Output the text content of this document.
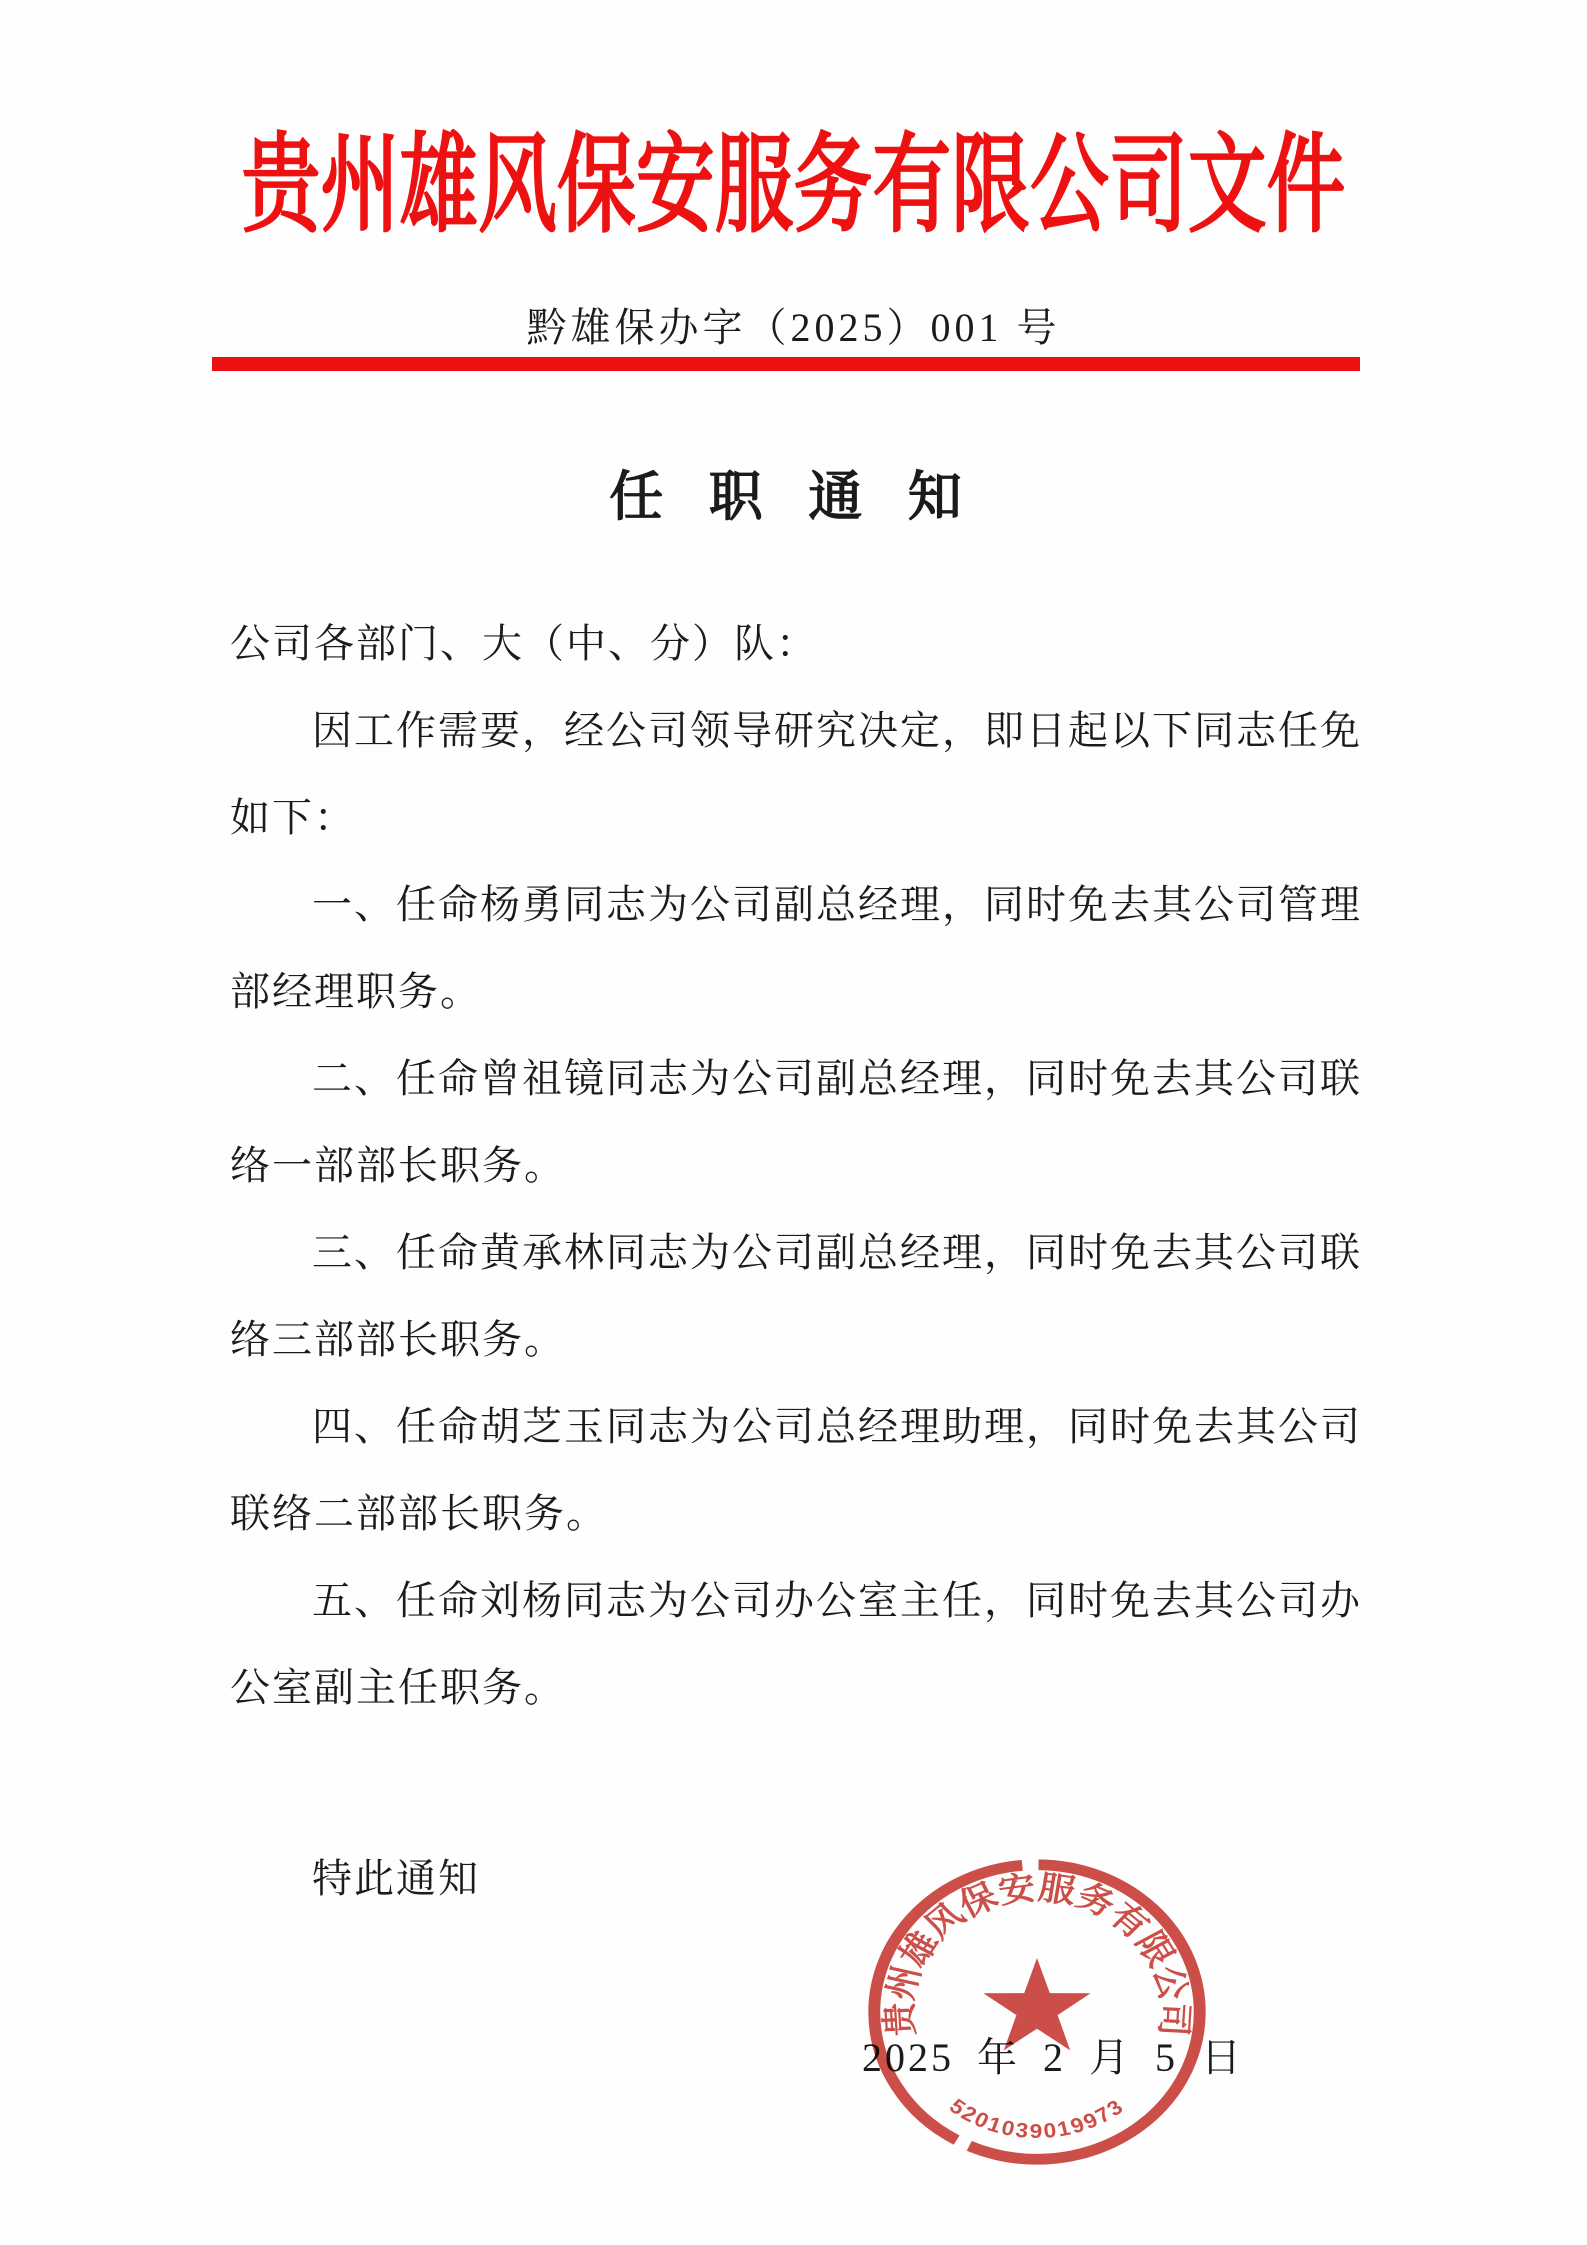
贵州雄风保安服务有限公司文件
黔雄保办字（2025）001 号
任 职 通 知
公司各部门、大（中、分）队：
因工作需要，经公司领导研究决定，即日起以下同志任免
如下：
一、任命杨勇同志为公司副总经理，同时免去其公司管理
部经理职务。
二、任命曾祖镜同志为公司副总经理，同时免去其公司联
络一部部长职务。
三、任命黄承林同志为公司副总经理，同时免去其公司联
络三部部长职务。
四、任命胡芝玉同志为公司总经理助理，同时免去其公司
联络二部部长职务。
五、任命刘杨同志为公司办公室主任，同时免去其公司办
公室副主任职务。
特此通知
2025 年 2 月 5 日
贵州雄风保安服务有限公司
5201039019973
